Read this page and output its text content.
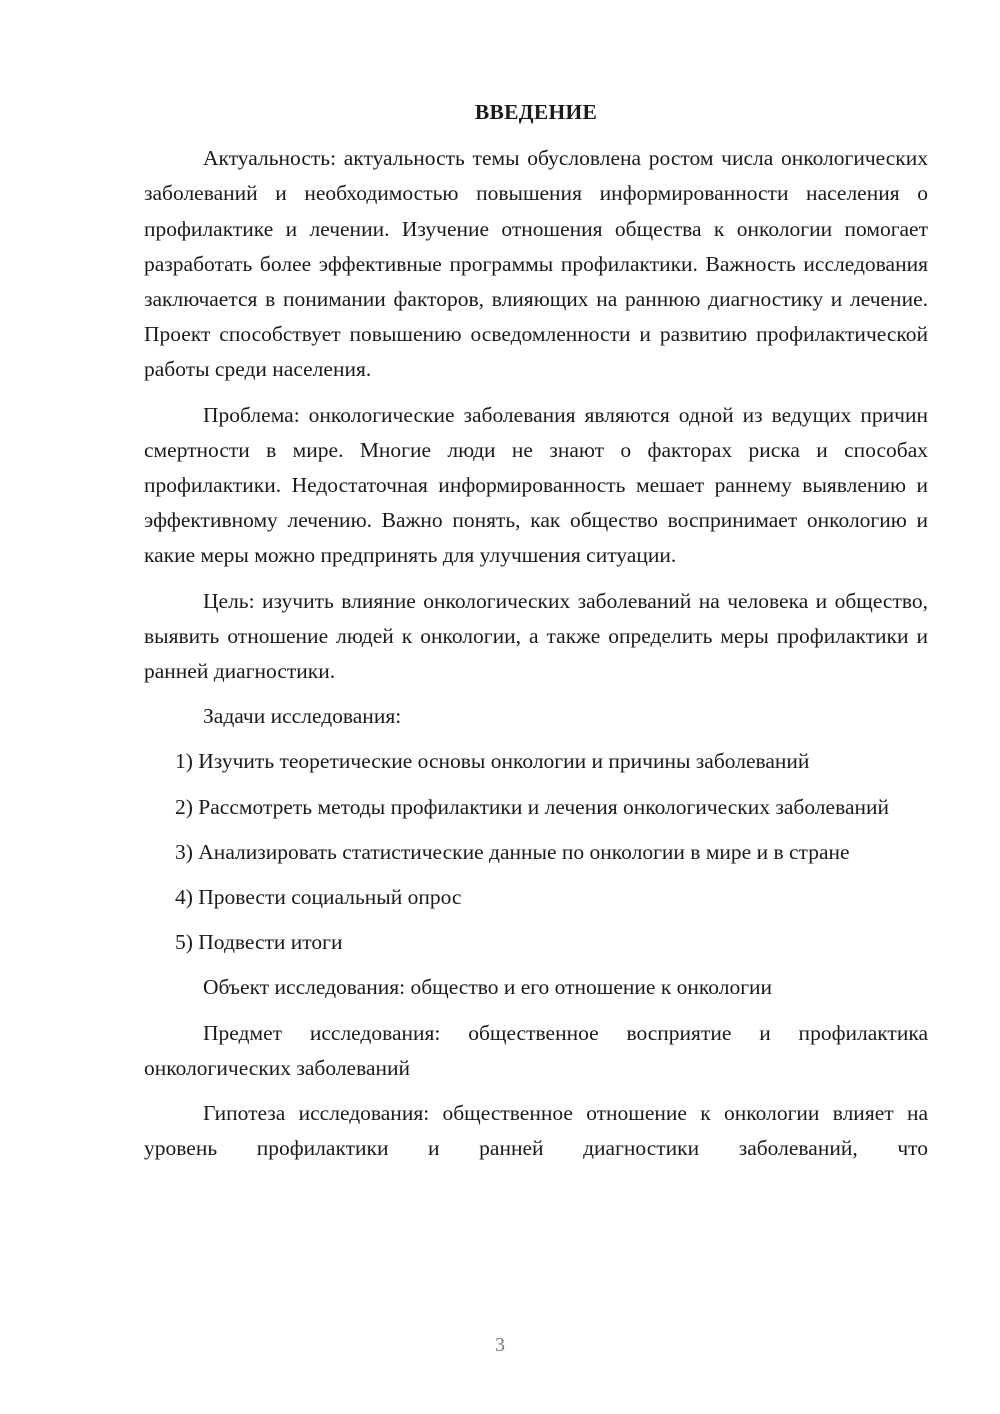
ВВЕДЕНИЕ

Актуальность: актуальность темы обусловлена ростом числа онкологических заболеваний и необходимостью повышения информированности населения о профилактике и лечении. Изучение отношения общества к онкологии помогает разработать более эффективные программы профилактики. Важность исследования заключается в понимании факторов, влияющих на раннюю диагностику и лечение. Проект способствует повышению осведомленности и развитию профилактической работы среди населения.

Проблема: онкологические заболевания являются одной из ведущих причин смертности в мире. Многие люди не знают о факторах риска и способах профилактики. Недостаточная информированность мешает раннему выявлению и эффективному лечению. Важно понять, как общество воспринимает онкологию и какие меры можно предпринять для улучшения ситуации.

Цель: изучить влияние онкологических заболеваний на человека и общество, выявить отношение людей к онкологии, а также определить меры профилактики и ранней диагностики.

Задачи исследования:

1) Изучить теоретические основы онкологии и причины заболеваний

2) Рассмотреть методы профилактики и лечения онкологических заболеваний

3) Анализировать статистические данные по онкологии в мире и в стране

4) Провести социальный опрос

5) Подвести итоги

Объект исследования: общество и его отношение к онкологии

Предмет исследования: общественное восприятие и профилактика онкологических заболеваний

Гипотеза исследования: общественное отношение к онкологии влияет на уровень профилактики и ранней диагностики заболеваний, что

3
